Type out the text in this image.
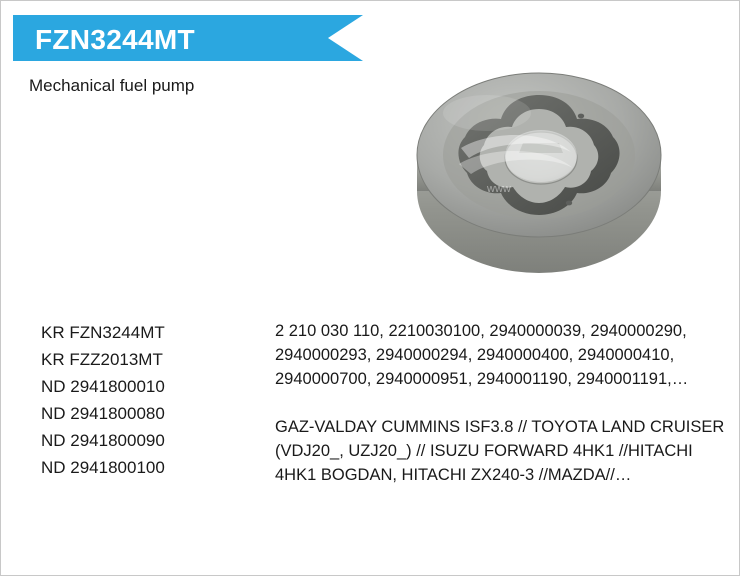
FZN3244MT
Mechanical fuel pump
www
KR FZN3244MT
KR FZZ2013MT
ND 2941800010
ND 2941800080
ND 2941800090
ND 2941800100

2 210 030 110, 2210030100, 2940000039, 2940000290, 2940000293, 2940000294, 2940000400, 2940000410, 2940000700, 2940000951, 2940001190, 2940001191,…

GAZ-VALDAY CUMMINS ISF3.8 // TOYOTA LAND CRUISER (VDJ20_, UZJ20_) // ISUZU FORWARD 4HK1 //HITACHI 4HK1 BOGDAN, HITACHI ZX240-3 //MAZDA//…
